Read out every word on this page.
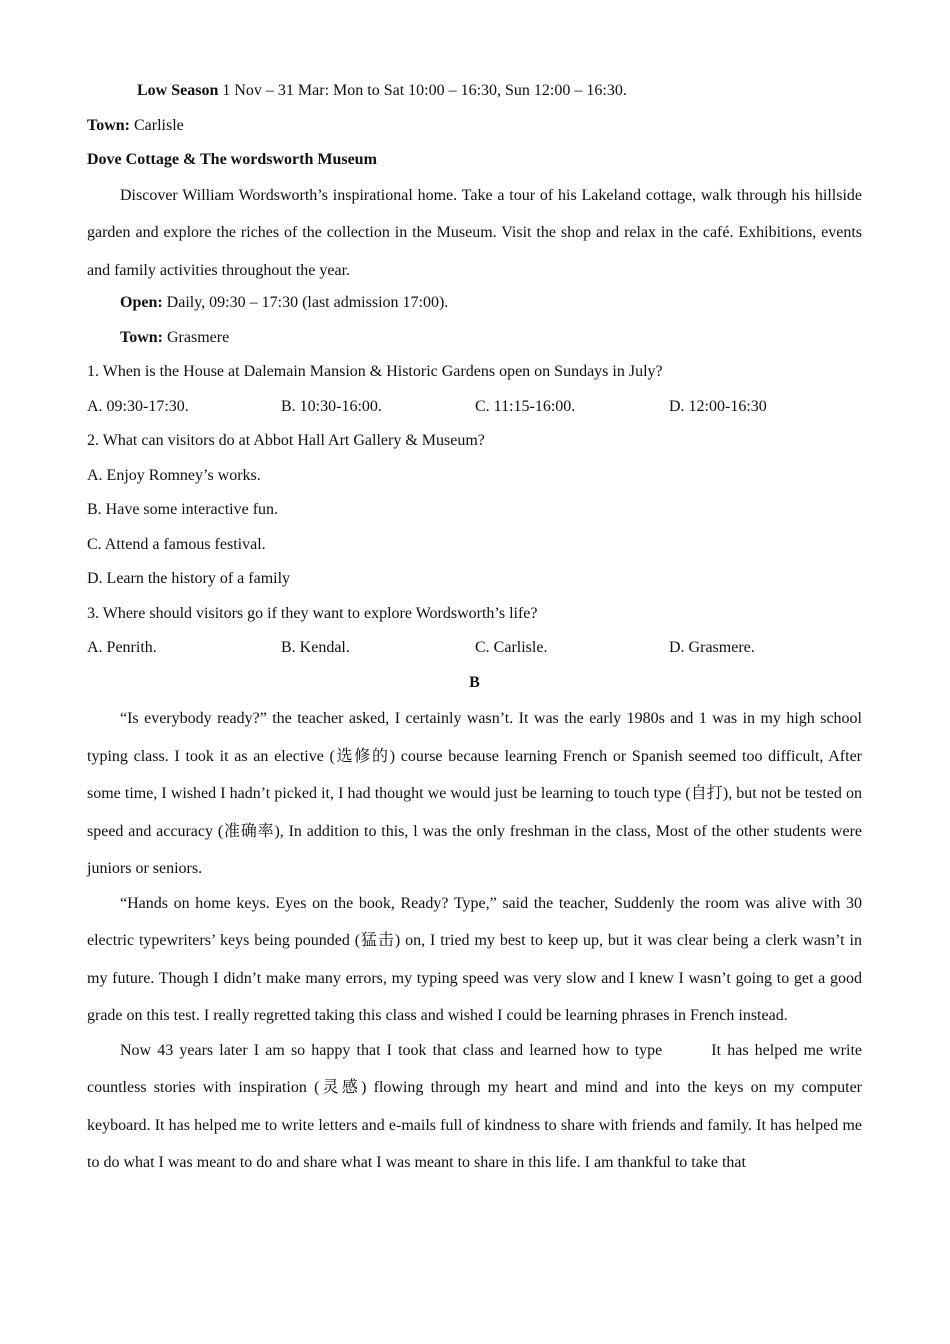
Low Season 1 Nov – 31 Mar: Mon to Sat 10:00 – 16:30, Sun 12:00 – 16:30.
Town: Carlisle
Dove Cottage & The wordsworth Museum

Discover William Wordsworth’s inspirational home. Take a tour of his Lakeland cottage, walk through his hillside garden and explore the riches of the collection in the Museum. Visit the shop and relax in the café. Exhibitions, events and family activities throughout the year.

Open: Daily, 09:30 – 17:30 (last admission 17:00).
Town: Grasmere
1. When is the House at Dalemain Mansion & Historic Gardens open on Sundays in July?
A. 09:30-17:30.	B. 10:30-16:00.	C. 11:15-16:00.	D. 12:00-16:30
2. What can visitors do at Abbot Hall Art Gallery & Museum?
A. Enjoy Romney’s works.
B. Have some interactive fun.
C. Attend a famous festival.
D. Learn the history of a family
3. Where should visitors go if they want to explore Wordsworth’s life?
A. Penrith.	B. Kendal.	C. Carlisle.	D. Grasmere.
B

“Is everybody ready?” the teacher asked, I certainly wasn’t. It was the early 1980s and 1 was in my high school typing class. I took it as an elective (选修的) course because learning French or Spanish seemed too difficult, After some time, I wished I hadn’t picked it, I had thought we would just be learning to touch type (自打), but not be tested on speed and accuracy (准确率), In addition to this, l was the only freshman in the class, Most of the other students were juniors or seniors.

“Hands on home keys. Eyes on the book, Ready? Type,” said the teacher, Suddenly the room was alive with 30 electric typewriters’ keys being pounded (猛击) on, I tried my best to keep up, but it was clear being a clerk wasn’t in my future. Though I didn’t make many errors, my typing speed was very slow and I knew I wasn’t going to get a good grade on this test. I really regretted taking this class and wished I could be learning phrases in French instead.

Now 43 years later I am so happy that I took that class and learned how to type        It has helped me write countless stories with inspiration (灵感) flowing through my heart and mind and into the keys on my computer keyboard. It has helped me to write letters and e-mails full of kindness to share with friends and family. It has helped me to do what I was meant to do and share what I was meant to share in this life. I am thankful to take that
